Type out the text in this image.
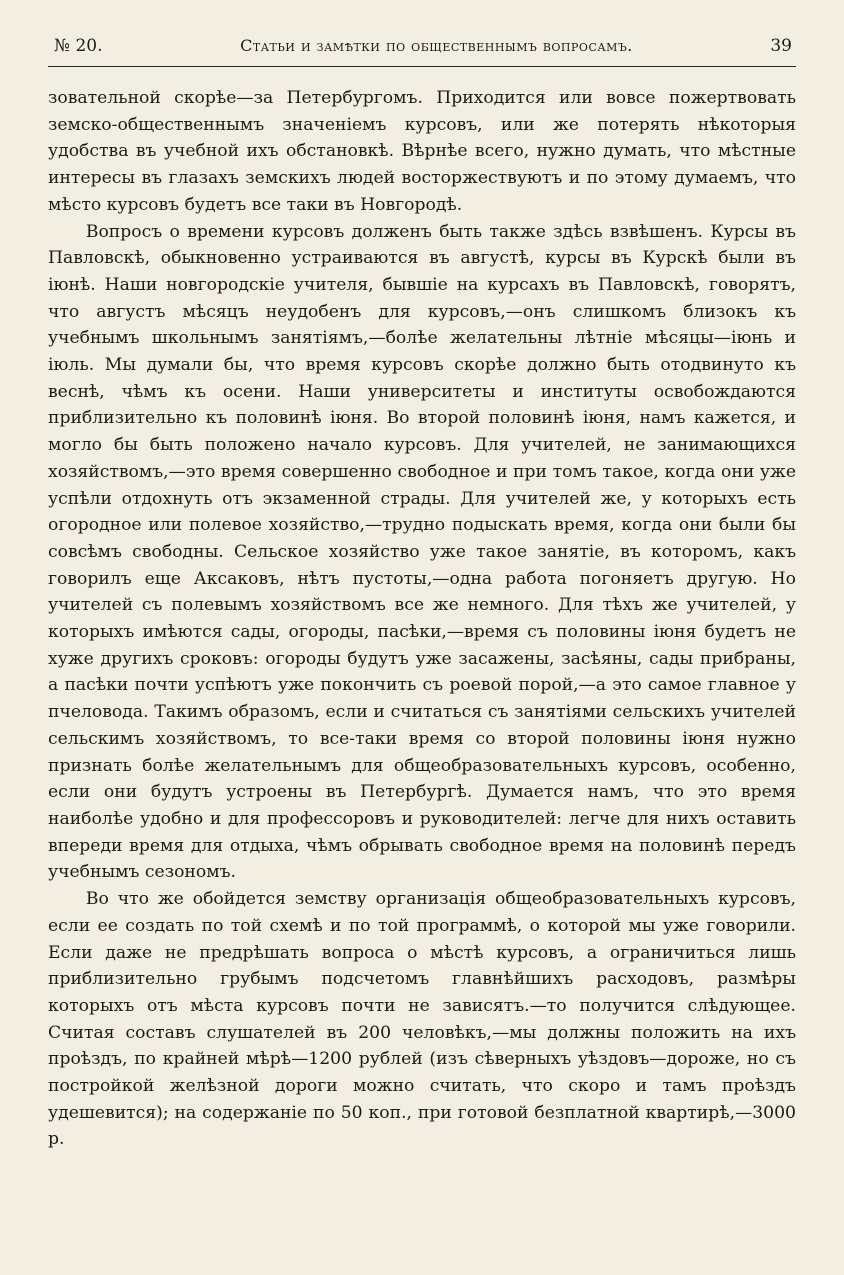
№ 20.	Статьи и замѣтки по общественнымъ вопросамъ.	39

зовательной скорѣе—за Петербургомъ. Приходится или вовсе пожертвовать земско-общественнымъ значеніемъ курсовъ, или же потерять нѣкоторыя удобства въ учебной ихъ обстановкѣ. Вѣрнѣе всего, нужно думать, что мѣстные интересы въ глазахъ земскихъ людей восторжествуютъ и по этому думаемъ, что мѣсто курсовъ будетъ все таки въ Новгородѣ.

Вопросъ о времени курсовъ долженъ быть также здѣсь взвѣшенъ. Курсы въ Павловскѣ, обыкновенно устраиваются въ августѣ, курсы въ Курскѣ были въ іюнѣ. Наши новгородскіе учителя, бывшіе на курсахъ въ Павловскѣ, говорятъ, что августъ мѣсяцъ неудобенъ для курсовъ,—онъ слишкомъ близокъ къ учебнымъ школьнымъ занятіямъ,—болѣе желательны лѣтніе мѣсяцы—іюнь и іюль. Мы думали бы, что время курсовъ скорѣе должно быть отодвинуто къ веснѣ, чѣмъ къ осени. Наши университеты и институты освобождаются приблизительно къ половинѣ іюня. Во второй половинѣ іюня, намъ кажется, и могло бы быть положено начало курсовъ. Для учителей, не занимающихся хозяйствомъ,—это время совершенно свободное и при томъ такое, когда они уже успѣли отдохнуть отъ экзаменной страды. Для учителей же, у которыхъ есть огородное или полевое хозяйство,—трудно подыскать время, когда они были бы совсѣмъ свободны. Сельское хозяйство уже такое занятіе, въ которомъ, какъ говорилъ еще Аксаковъ, нѣтъ пустоты,—одна работа погоняетъ другую. Но учителей съ полевымъ хозяйствомъ все же немного. Для тѣхъ же учителей, у которыхъ имѣются сады, огороды, пасѣки,—время съ половины іюня будетъ не хуже другихъ сроковъ: огороды будутъ уже засажены, засѣяны, сады прибраны, а пасѣки почти успѣютъ уже покончить съ роевой порой,—а это самое главное у пчеловода. Такимъ образомъ, если и считаться съ занятіями сельскихъ учителей сельскимъ хозяйствомъ, то все-таки время со второй половины іюня нужно признать болѣе желательнымъ для общеобразовательныхъ курсовъ, особенно, если они будутъ устроены въ Петербургѣ. Думается намъ, что это время наиболѣе удобно и для профессоровъ и руководителей: легче для нихъ оставить впереди время для отдыха, чѣмъ обрывать свободное время на половинѣ передъ учебнымъ сезономъ.

Во что же обойдется земству организація общеобразовательныхъ курсовъ, если ее создать по той схемѣ и по той программѣ, о которой мы уже говорили. Если даже не предрѣшать вопроса о мѣстѣ курсовъ, а ограничиться лишь приблизительно грубымъ подсчетомъ главнѣйшихъ расходовъ, размѣры которыхъ отъ мѣста курсовъ почти не зависятъ.—то получится слѣдующее. Считая составъ слушателей въ 200 человѣкъ,—мы должны положить на ихъ проѣздъ, по крайней мѣрѣ—1200 рублей (изъ сѣверныхъ уѣздовъ—дороже, но съ постройкой желѣзной дороги можно считать, что скоро и тамъ проѣздъ удешевится); на содержаніе по 50 коп., при готовой безплатной квартирѣ,—3000 р.
